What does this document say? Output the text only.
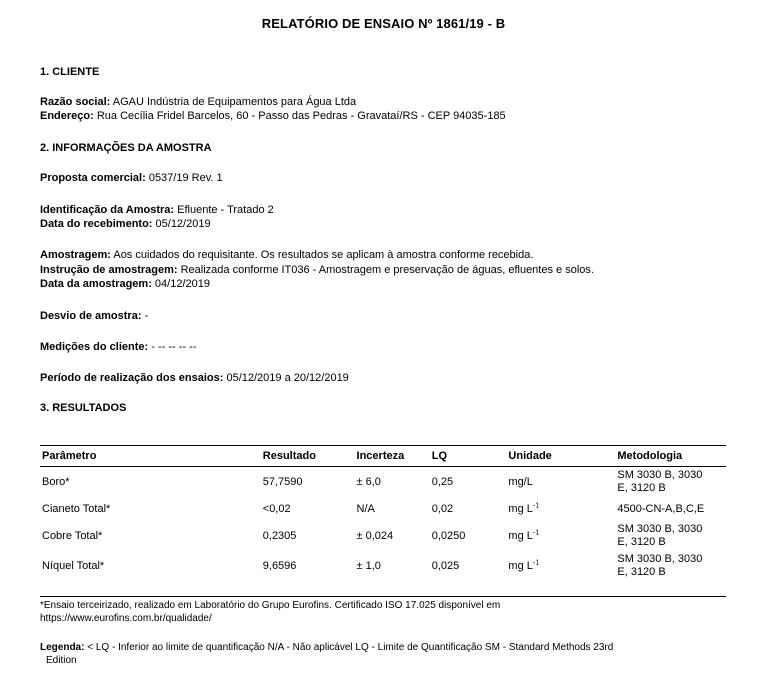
RELATÓRIO DE ENSAIO Nº 1861/19 - B
1. CLIENTE
Razão social: AGAU Indústria de Equipamentos para Água Ltda
Endereço: Rua Cecília Fridel Barcelos, 60 - Passo das Pedras - Gravataí/RS - CEP 94035-185
2. INFORMAÇÕES DA AMOSTRA
Proposta comercial: 0537/19 Rev. 1
Identificação da Amostra: Efluente - Tratado 2
Data do recebimento: 05/12/2019
Amostragem: Aos cuidados do requisitante. Os resultados se aplicam à amostra conforme recebida.
Instrução de amostragem: Realizada conforme IT036 - Amostragem e preservação de águas, efluentes e solos.
Data da amostragem: 04/12/2019
Desvio de amostra: -
Medições do cliente: - -- -- -- --
Período de realização dos ensaios: 05/12/2019 a 20/12/2019
3. RESULTADOS
Parâmetro	Resultado	Incerteza	LQ	Unidade	Metodologia
Boro*	57,7590	± 6,0	0,25	mg/L	SM 3030 B, 3030
E, 3120 B

Cianeto Total*	<0,02	N/A	0,02	mg $L^{-1}$	4500-CN-A,B,C,E

Cobre Total*	0,2305	± 0,024	0,0250	mg $L^{-1}$	SM 3030 B, 3030
E, 3120 B

Níquel Total*	9,6596	± 1,0	0,025	mg $L^{-1}$	SM 3030 B, 3030
E, 3120 B
*Ensaio terceirizado, realizado em Laboratório do Grupo Eurofins. Certificado ISO 17.025 disponível em
https://www.eurofins.com.br/qualidade/
Legenda: < LQ - Inferior ao limite de quantificação N/A - Não aplicável LQ - Limite de Quantificação SM - Standard Methods 23rd
Edition
